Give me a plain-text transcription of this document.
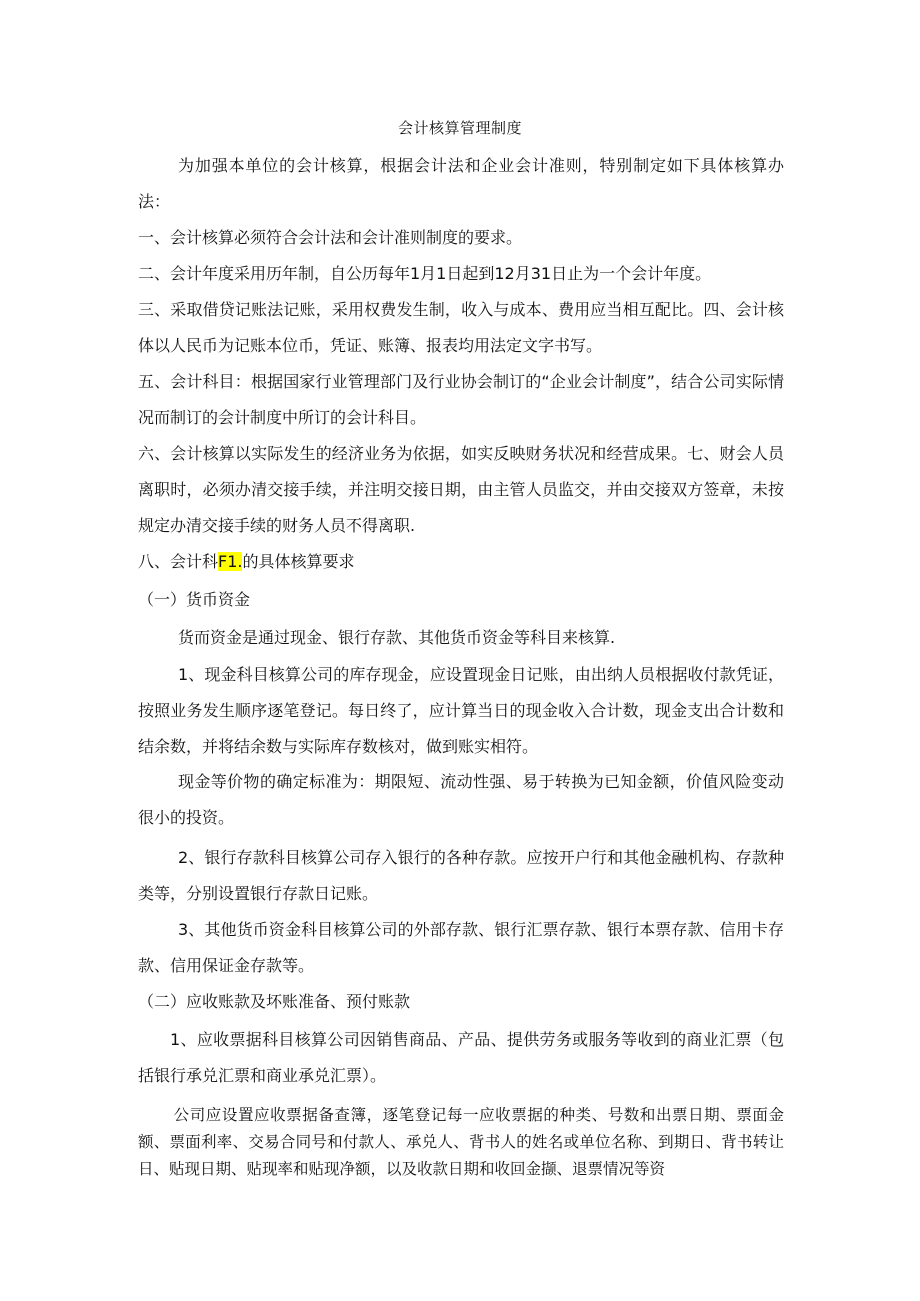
会计核算管理制度

为加强本单位的会计核算，根据会计法和企业会计准则，特别制定如下具体核算办法：

一、会计核算必须符合会计法和会计准则制度的要求。

二、会计年度采用历年制，自公历每年1月1日起到12月31日止为一个会计年度。

三、采取借贷记账法记账，采用权费发生制，收入与成本、费用应当相互配比。四、会计核体以人民币为记账本位币，凭证、账簿、报表均用法定文字书写。

五、会计科目：根据国家行业管理部门及行业协会制订的“企业会计制度”，结合公司实际情况而制订的会计制度中所订的会计科目。

六、会计核算以实际发生的经济业务为依据，如实反映财务状况和经营成果。七、财会人员离职时，必须办清交接手续，并注明交接日期，由主管人员监交，并由交接双方签章，未按规定办清交接手续的财务人员不得离职.

八、会计科F1.的具体核算要求

（一）货币资金

货而资金是通过现金、银行存款、其他货币资金等科目来核算.

1、现金科目核算公司的库存现金，应设置现金日记账，由出纳人员根据收付款凭证，按照业务发生顺序逐笔登记。每日终了，应计算当日的现金收入合计数，现金支出合计数和结余数，并将结余数与实际库存数核对，做到账实相符。

现金等价物的确定标准为：期限短、流动性强、易于转换为已知金额，价值风险变动很小的投资。

2、银行存款科目核算公司存入银行的各种存款。应按开户行和其他金融机构、存款种类等，分别设置银行存款日记账。

3、其他货币资金科目核算公司的外部存款、银行汇票存款、银行本票存款、信用卡存款、信用保证金存款等。

（二）应收账款及坏账准备、预付账款

1、应收票据科目核算公司因销售商品、产品、提供劳务或服务等收到的商业汇票（包括银行承兑汇票和商业承兑汇票）。

公司应设置应收票据备查簿，逐笔登记每一应收票据的种类、号数和出票日期、票面金额、票面利率、交易合同号和付款人、承兑人、背书人的姓名或单位名称、到期日、背书转让日、贴现日期、贴现率和贴现净额，以及收款日期和收回金撷、退票情况等资
